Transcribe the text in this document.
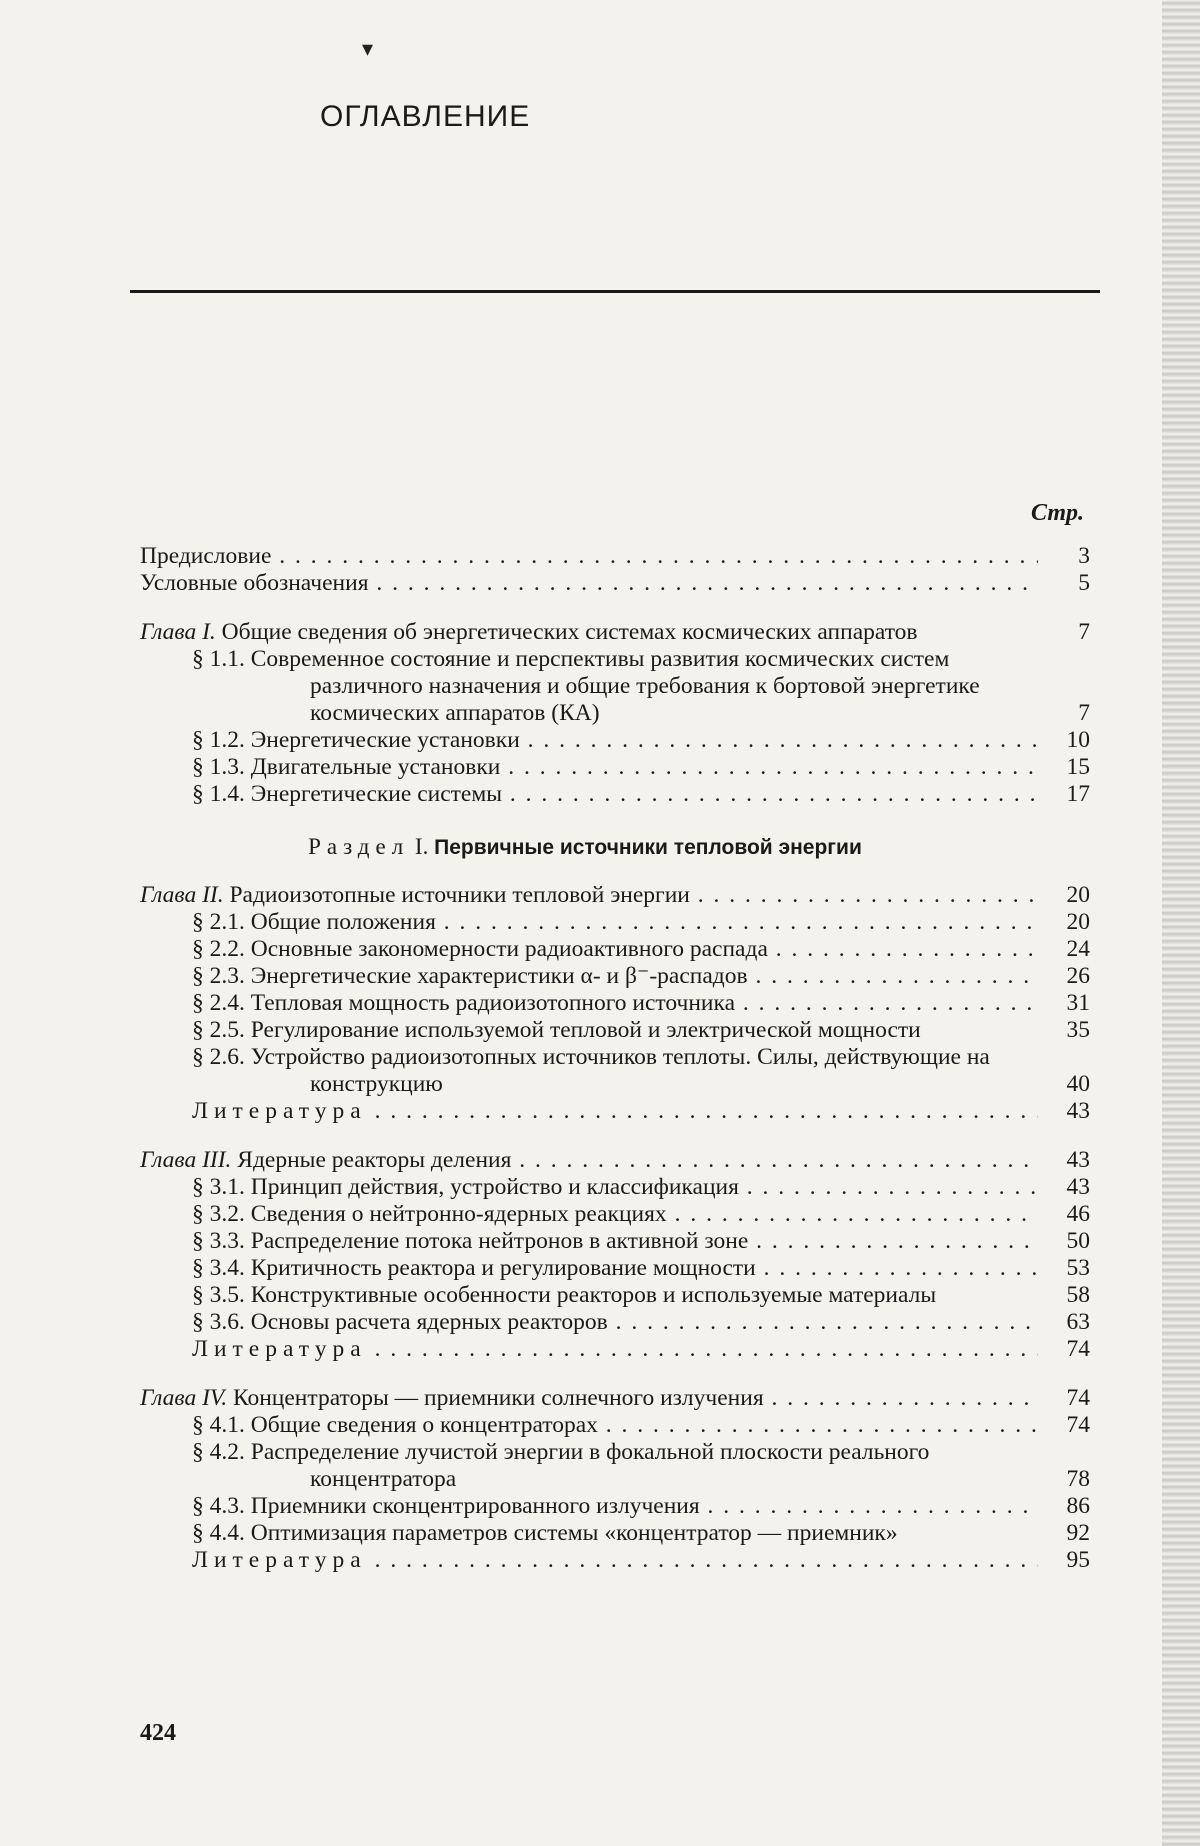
ОГЛАВЛЕНИЕ
Стр.
Предисловие . . .	3
Условные обозначения . . .	5
Глава I. Общие сведения об энергетических системах космических аппаратов	7
§ 1.1. Современное состояние и перспективы развития космических систем различного назначения и общие требования к бортовой энергетике космических аппаратов (КА)	7
§ 1.2. Энергетические установки . . .	10
§ 1.3. Двигательные установки . . .	15
§ 1.4. Энергетические системы . . .	17
Раздел I. Первичные источники тепловой энергии
Глава II. Радиоизотопные источники тепловой энергии . . .	20
§ 2.1. Общие положения . . .	20
§ 2.2. Основные закономерности радиоактивного распада . . .	24
§ 2.3. Энергетические характеристики α- и β⁻-распадов . . .	26
§ 2.4. Тепловая мощность радиоизотопного источника . . .	31
§ 2.5. Регулирование используемой тепловой и электрической мощности	35
§ 2.6. Устройство радиоизотопных источников теплоты. Силы, действующие на конструкцию	40
Литература . . .	43
Глава III. Ядерные реакторы деления . . .	43
§ 3.1. Принцип действия, устройство и классификация . . .	43
§ 3.2. Сведения о нейтронно-ядерных реакциях . . .	46
§ 3.3. Распределение потока нейтронов в активной зоне . . .	50
§ 3.4. Критичность реактора и регулирование мощности . . .	53
§ 3.5. Конструктивные особенности реакторов и используемые материалы	58
§ 3.6. Основы расчета ядерных реакторов . . .	63
Литература . . .	74
Глава IV. Концентраторы — приемники солнечного излучения . . .	74
§ 4.1. Общие сведения о концентраторах . . .	74
§ 4.2. Распределение лучистой энергии в фокальной плоскости реального концентратора	78
§ 4.3. Приемники сконцентрированного излучения . . .	86
§ 4.4. Оптимизация параметров системы «концентратор — приемник»	92
Литература . . .	95
424
▾
